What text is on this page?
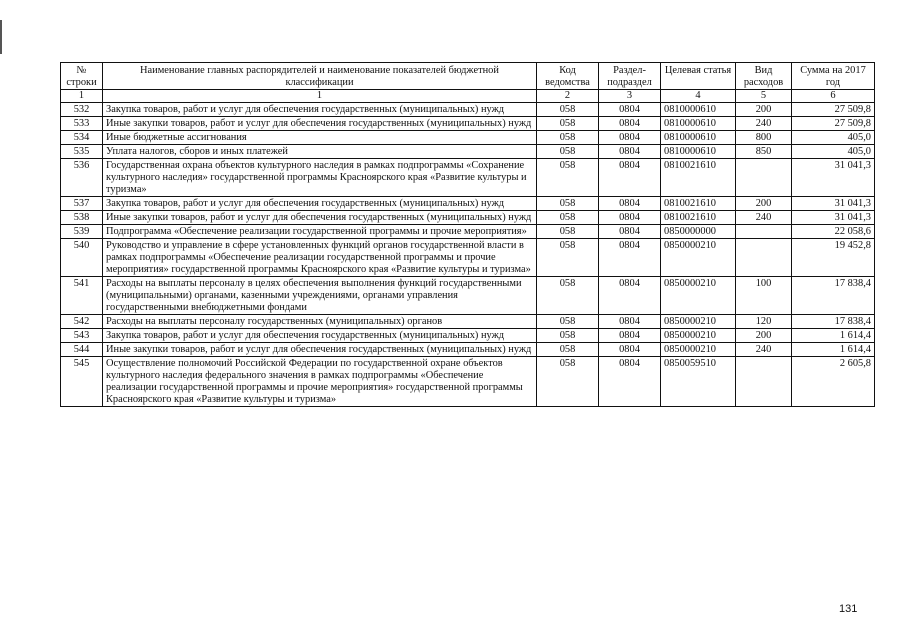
№ строки	Наименование главных распорядителей и наименование показателей бюджетной классификации	Код ведомства	Раздел-подраздел	Целевая статья	Вид расходов	Сумма на 2017 год
1	1	2	3	4	5	6
532	Закупка товаров, работ и услуг для обеспечения государственных (муниципальных) нужд	058	0804	0810000610	200	27 509,8
533	Иные закупки товаров, работ и услуг для обеспечения государственных (муниципальных) нужд	058	0804	0810000610	240	27 509,8
534	Иные бюджетные ассигнования	058	0804	0810000610	800	405,0
535	Уплата налогов, сборов и иных платежей	058	0804	0810000610	850	405,0
536	Государственная охрана объектов культурного наследия в рамках подпрограммы «Сохранение культурного наследия» государственной программы Красноярского края «Развитие культуры и туризма»	058	0804	0810021610		31 041,3
537	Закупка товаров, работ и услуг для обеспечения государственных (муниципальных) нужд	058	0804	0810021610	200	31 041,3
538	Иные закупки товаров, работ и услуг для обеспечения государственных (муниципальных) нужд	058	0804	0810021610	240	31 041,3
539	Подпрограмма «Обеспечение реализации государственной программы и прочие мероприятия»	058	0804	0850000000		22 058,6
540	Руководство и управление в сфере установленных функций органов государственной власти в рамках подпрограммы «Обеспечение реализации государственной программы и прочие мероприятия» государственной программы Красноярского края «Развитие культуры и туризма»	058	0804	0850000210		19 452,8
541	Расходы на выплаты персоналу в целях обеспечения выполнения функций государственными (муниципальными) органами, казенными учреждениями, органами управления государственными внебюджетными фондами	058	0804	0850000210	100	17 838,4
542	Расходы на выплаты персоналу государственных (муниципальных) органов	058	0804	0850000210	120	17 838,4
543	Закупка товаров, работ и услуг для обеспечения государственных (муниципальных) нужд	058	0804	0850000210	200	1 614,4
544	Иные закупки товаров, работ и услуг для обеспечения государственных (муниципальных) нужд	058	0804	0850000210	240	1 614,4
545	Осуществление полномочий Российской Федерации по государственной охране объектов культурного наследия федерального значения в рамках подпрограммы «Обеспечение реализации государственной программы и прочие мероприятия» государственной программы Красноярского края «Развитие культуры и туризма»	058	0804	0850059510		2 605,8
131
